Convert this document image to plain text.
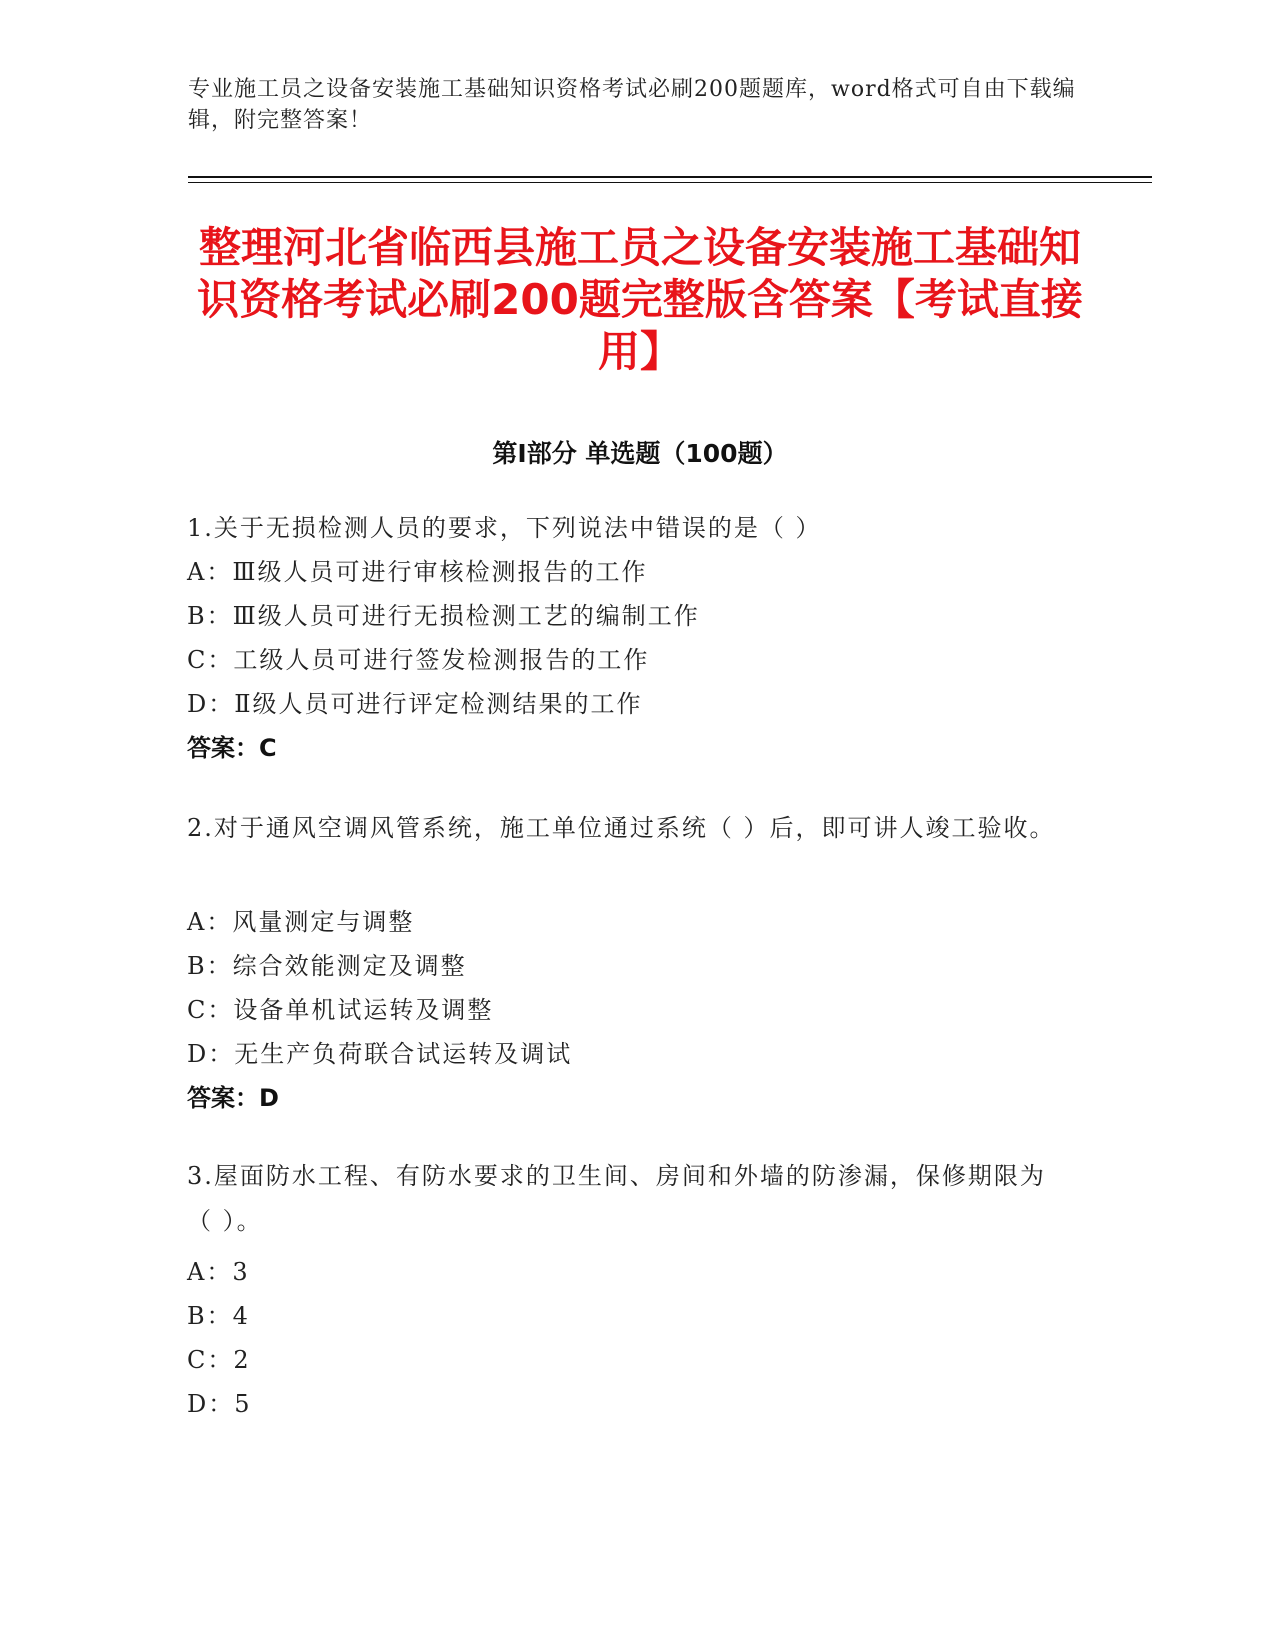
专业施工员之设备安装施工基础知识资格考试必刷200题题库，word格式可自由下载编辑，附完整答案！
整理河北省临西县施工员之设备安装施工基础知识资格考试必刷200题完整版含答案【考试直接用】
第Ⅰ部分 单选题（100题）
1.关于无损检测人员的要求，下列说法中错误的是（ ）
A：Ⅲ级人员可进行审核检测报告的工作
B：Ⅲ级人员可进行无损检测工艺的编制工作
C：工级人员可进行签发检测报告的工作
D：Ⅱ级人员可进行评定检测结果的工作
答案：C
2.对于通风空调风管系统，施工单位通过系统（ ）后，即可讲人竣工验收。
A：风量测定与调整
B：综合效能测定及调整
C：设备单机试运转及调整
D：无生产负荷联合试运转及调试
答案：D
3.屋面防水工程、有防水要求的卫生间、房间和外墙的防渗漏，保修期限为（ ）。
A：3
B：4
C：2
D：5
